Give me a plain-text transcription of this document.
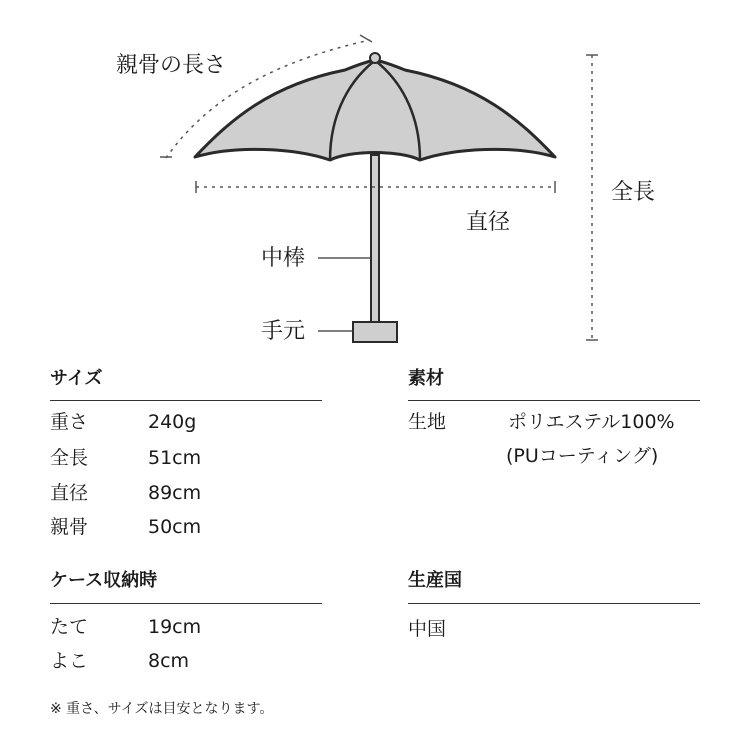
親骨の長さ
全長
直径
中棒
手元
サイズ
重さ	240g
全長	51cm
直径	89cm
親骨	50cm
ケース収納時
たて	19cm
よこ	8cm
素材
生地	ポリエステル100%
(PUコーティング)
生産国
中国
※ 重さ、サイズは目安となります。
